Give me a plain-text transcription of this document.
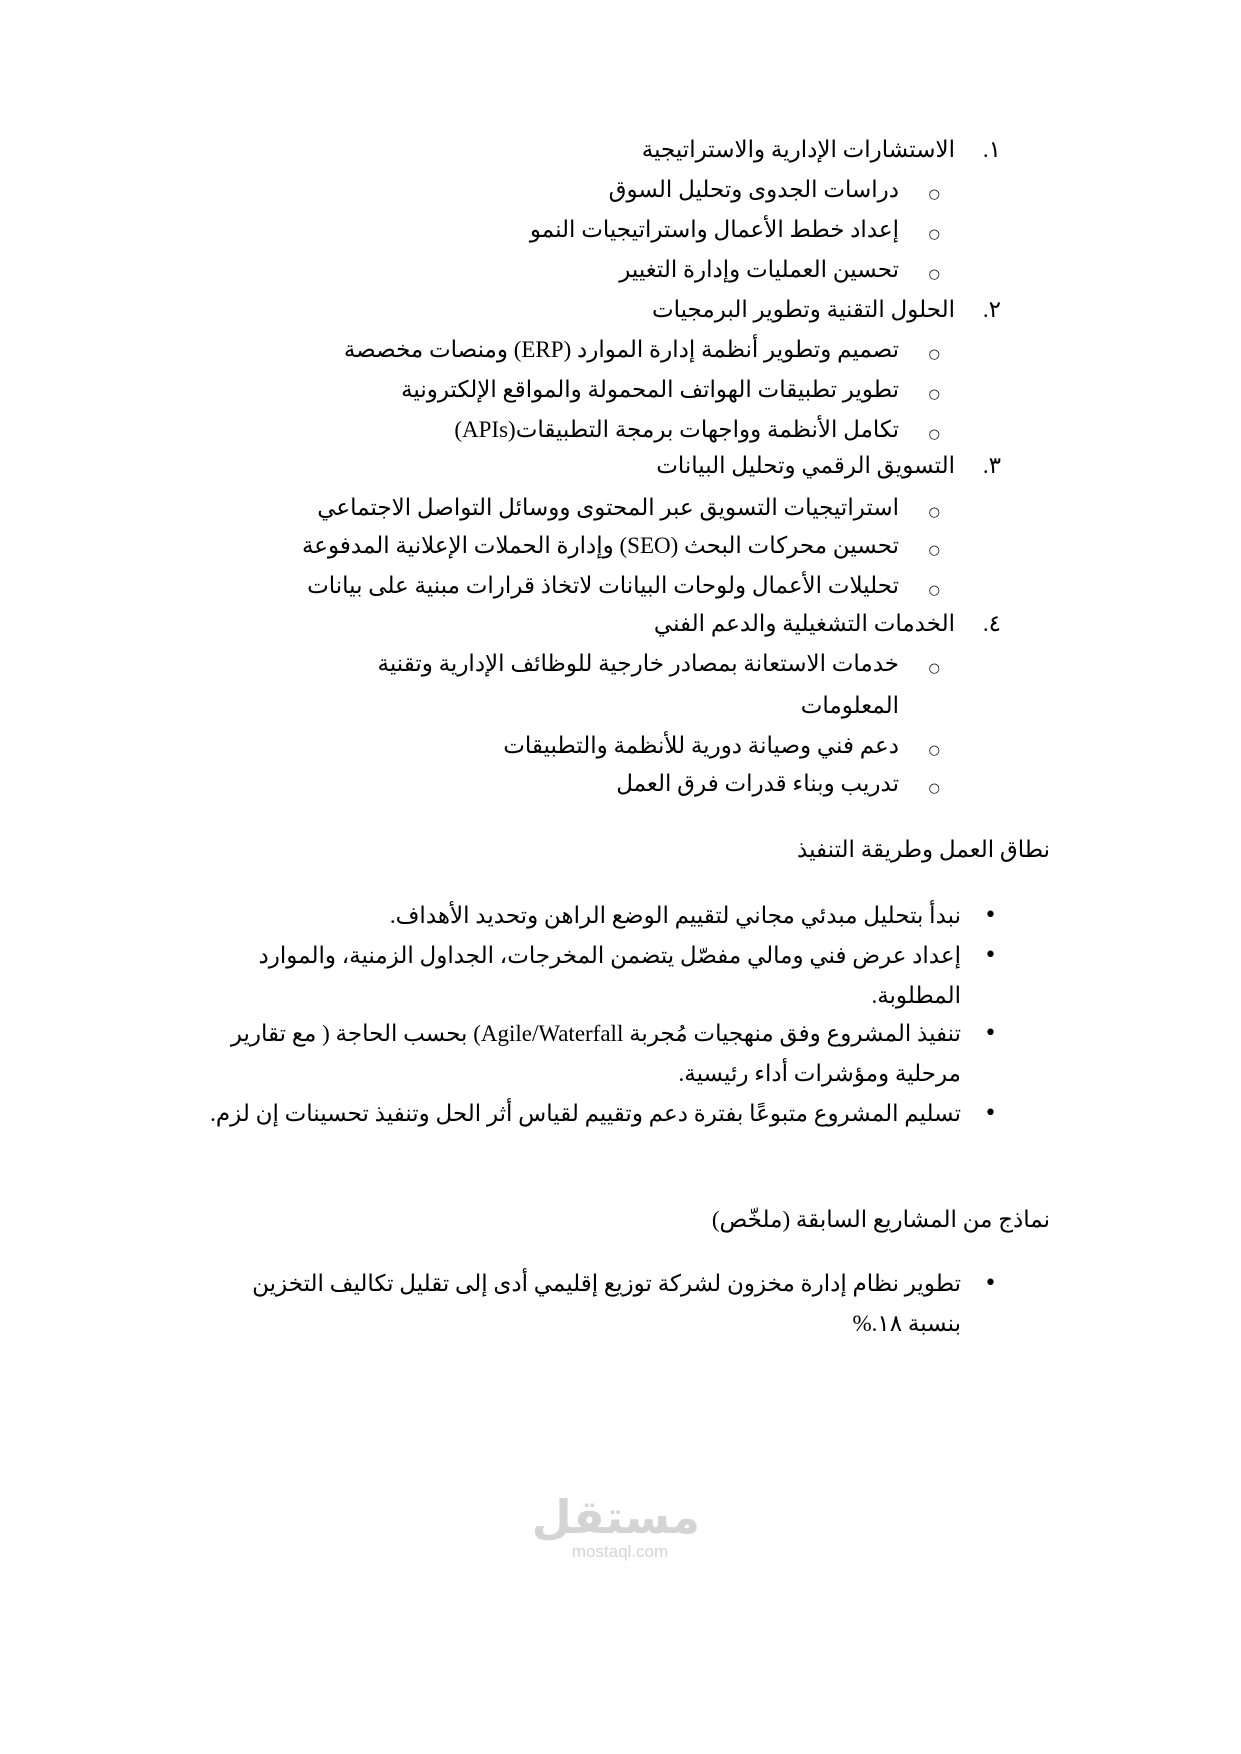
١.
الاستشارات الإدارية والاستراتيجية
○
دراسات الجدوى وتحليل السوق
○
إعداد خطط الأعمال واستراتيجيات النمو
○
تحسين العمليات وإدارة التغيير
٢.
الحلول التقنية وتطوير البرمجيات
○
تصميم وتطوير أنظمة إدارة الموارد (ERP) ومنصات مخصصة
○
تطوير تطبيقات الهواتف المحمولة والمواقع الإلكترونية
○
تكامل الأنظمة وواجهات برمجة التطبيقات(APIs)
٣.
التسويق الرقمي وتحليل البيانات
○
استراتيجيات التسويق عبر المحتوى ووسائل التواصل الاجتماعي
○
تحسين محركات البحث (SEO) وإدارة الحملات الإعلانية المدفوعة
○
تحليلات الأعمال ولوحات البيانات لاتخاذ قرارات مبنية على بيانات
٤.
الخدمات التشغيلية والدعم الفني
○
خدمات الاستعانة بمصادر خارجية للوظائف الإدارية وتقنية
المعلومات
○
دعم فني وصيانة دورية للأنظمة والتطبيقات
○
تدريب وبناء قدرات فرق العمل
نطاق العمل وطريقة التنفيذ
•
نبدأ بتحليل مبدئي مجاني لتقييم الوضع الراهن وتحديد الأهداف.
•
إعداد عرض فني ومالي مفصّل يتضمن المخرجات، الجداول الزمنية، والموارد المطلوبة.
•
تنفيذ المشروع وفق منهجيات مُجربة Agile/Waterfall) بحسب الحاجة ( مع تقارير مرحلية ومؤشرات أداء رئيسية.
•
تسليم المشروع متبوعًا بفترة دعم وتقييم لقياس أثر الحل وتنفيذ تحسينات إن لزم.
نماذج من المشاريع السابقة (ملخّص)
•
تطوير نظام إدارة مخزون لشركة توزيع إقليمي أدى إلى تقليل تكاليف التخزين بنسبة ١٨.%
مستقل
mostaql.com
